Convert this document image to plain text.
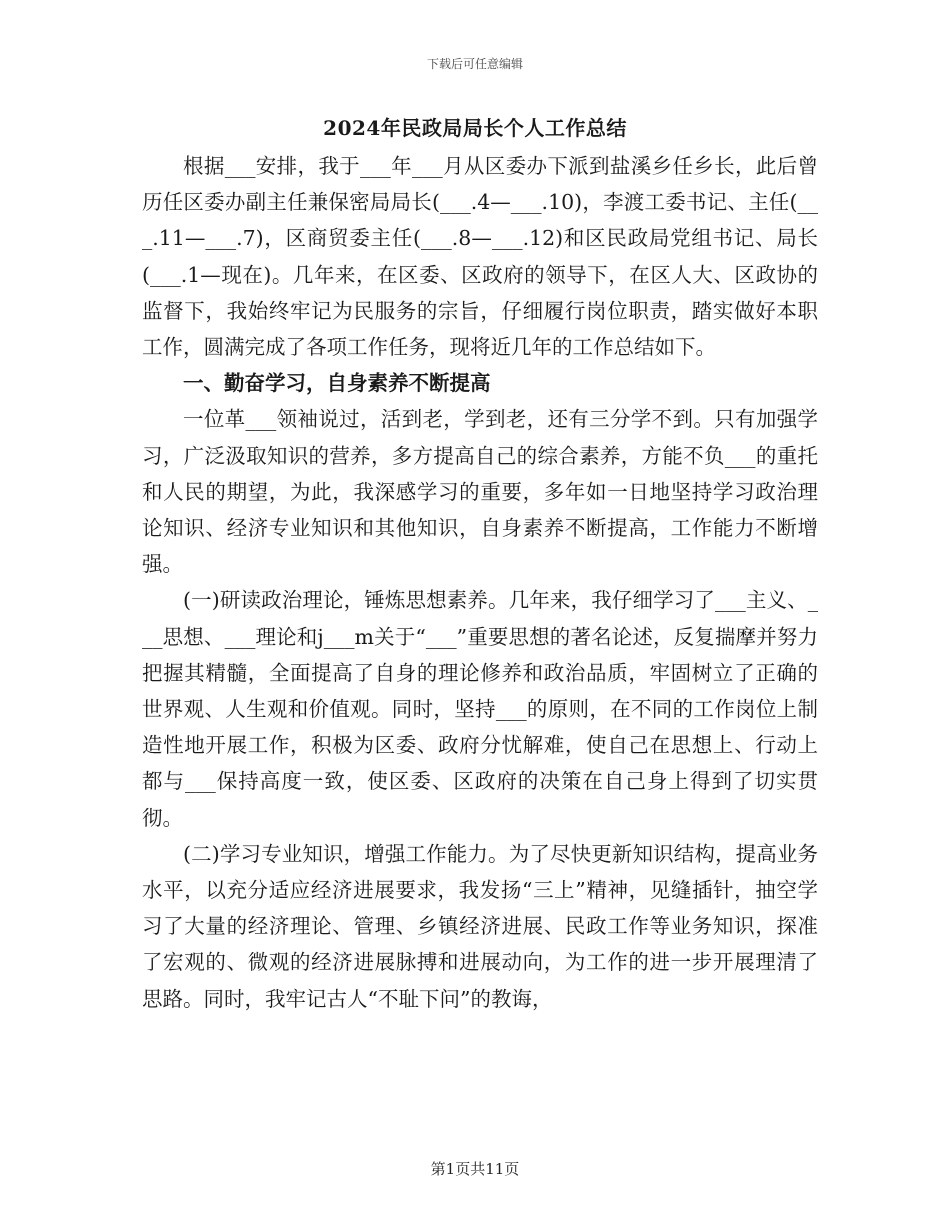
下载后可任意编辑
2024年民政局局长个人工作总结

根据___安排，我于___年___月从区委办下派到盐溪乡任乡长，此后曾历任区委办副主任兼保密局局长(___.4—___.10)，李渡工委书记、主任(___.11—___.7)，区商贸委主任(___.8—___.12)和区民政局党组书记、局长(___.1—现在)。几年来，在区委、区政府的领导下，在区人大、区政协的监督下，我始终牢记为民服务的宗旨，仔细履行岗位职责，踏实做好本职工作，圆满完成了各项工作任务，现将近几年的工作总结如下。

一、勤奋学习，自身素养不断提高

一位革___领袖说过，活到老，学到老，还有三分学不到。只有加强学习，广泛汲取知识的营养，多方提高自己的综合素养，方能不负___的重托和人民的期望，为此，我深感学习的重要，多年如一日地坚持学习政治理论知识、经济专业知识和其他知识，自身素养不断提高，工作能力不断增强。

(一)研读政治理论，锤炼思想素养。几年来，我仔细学习了___主义、___思想、___理论和j___m关于“___”重要思想的著名论述，反复揣摩并努力把握其精髓，全面提高了自身的理论修养和政治品质，牢固树立了正确的世界观、人生观和价值观。同时，坚持___的原则，在不同的工作岗位上制造性地开展工作，积极为区委、政府分忧解难，使自己在思想上、行动上都与___保持高度一致，使区委、区政府的决策在自己身上得到了切实贯彻。

(二)学习专业知识，增强工作能力。为了尽快更新知识结构，提高业务水平，以充分适应经济进展要求，我发扬“三上”精神，见缝插针，抽空学习了大量的经济理论、管理、乡镇经济进展、民政工作等业务知识，探准了宏观的、微观的经济进展脉搏和进展动向，为工作的进一步开展理清了思路。同时，我牢记古人“不耻下问”的教诲，

第1页共11页
